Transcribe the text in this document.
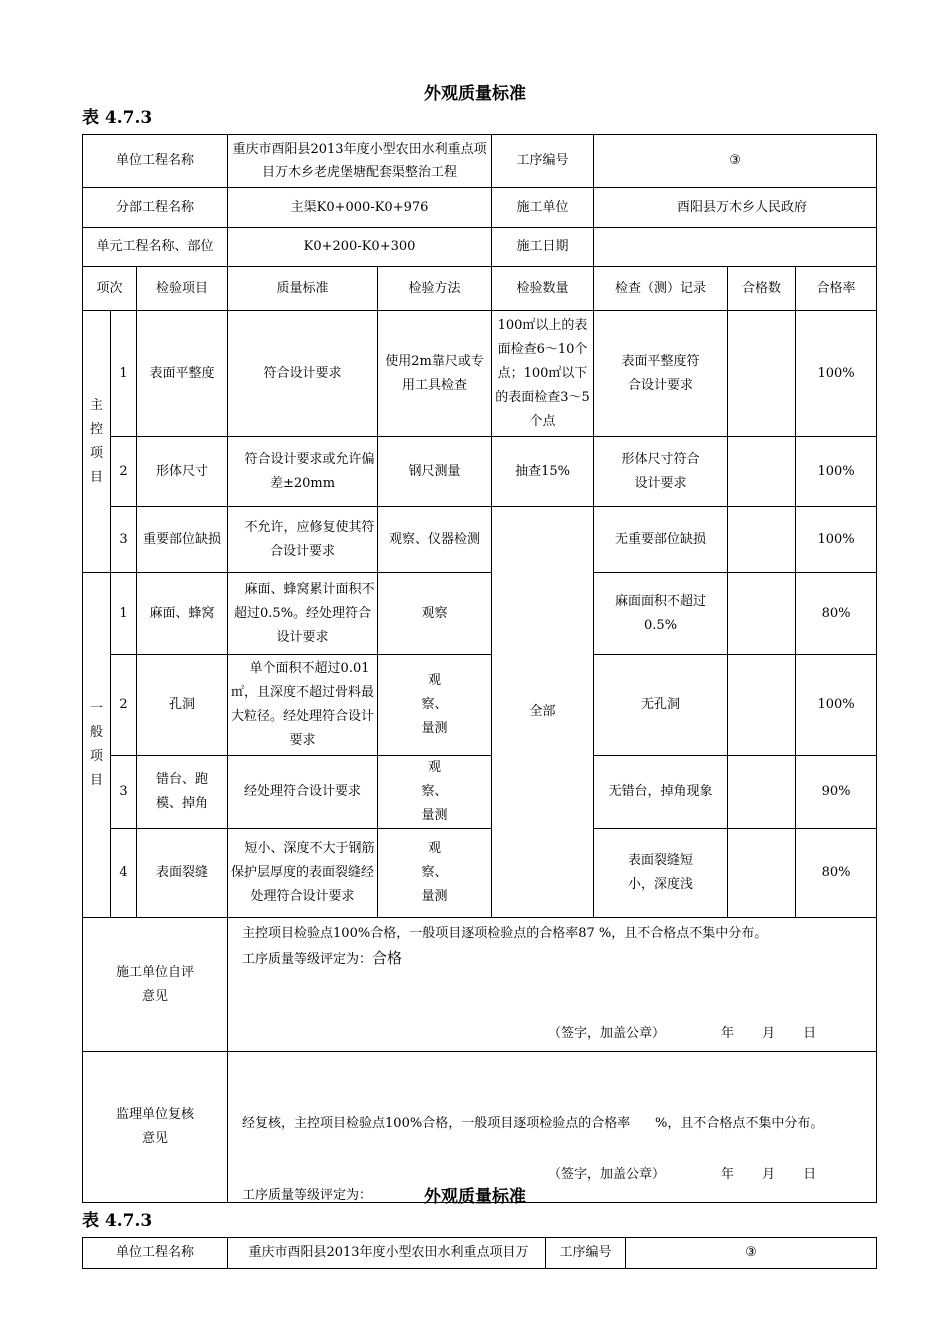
外观质量标准
表 4.7.3
单位工程名称			重庆市酉阳县2013年度小型农田水利重点项目万木乡老虎堡塘配套渠整治工程		工序编号	③		
分部工程名称			主渠K0+000-K0+976		施工单位	酉阳县万木乡人民政府		
单元工程名称、部位			K0+200-K0+300		施工日期			
项次		检验项目	质量标准	检验方法	检验数量	检查（测）记录	合格数	合格率
主控项目	1	表面平整度	符合设计要求	使用2m靠尺或专用工具检查	100㎡以上的表面检查6～10个点；100㎡以下的表面检查3～5个点	表面平整度符合设计要求		100%
	2	形体尺寸	符合设计要求或允许偏差±20mm	钢尺测量	抽查15%	形体尺寸符合设计要求		100%
	3	重要部位缺损	不允许，应修复使其符合设计要求	观察、仪器检测	全部	无重要部位缺损		100%
一般项目	1	麻面、蜂窝	麻面、蜂窝累计面积不超过0.5%。经处理符合设计要求	观察		麻面面积不超过0.5%		80%
	2	孔洞	单个面积不超过0.01㎡，且深度不超过骨料最大粒径。经处理符合设计要求	观察、量测		无孔洞		100%
	3	错台、跑模、掉角	经处理符合设计要求	观察、量测		无错台，掉角现象		90%
	4	表面裂缝	短小、深度不大于钢筋保护层厚度的表面裂缝经处理符合设计要求	观察、量测		表面裂缝短小，深度浅		80%
施工单位自评意见			主控项目检验点100%合格，一般项目逐项检验点的合格率87 %，且不合格点不集中分布。
工序质量等级评定为：合格
（签字，加盖公章） 年 月 日					

监理单位复核意见			经复核，主控项目检验点100%合格，一般项目逐项检验点的合格率      %，且不合格点不集中分布。

工序质量等级评定为：

（签字，加盖公章） 年 月 日					
外观质量标准
表 4.7.3
单位工程名称	重庆市酉阳县2013年度小型农田水利重点项目万	工序编号	③
